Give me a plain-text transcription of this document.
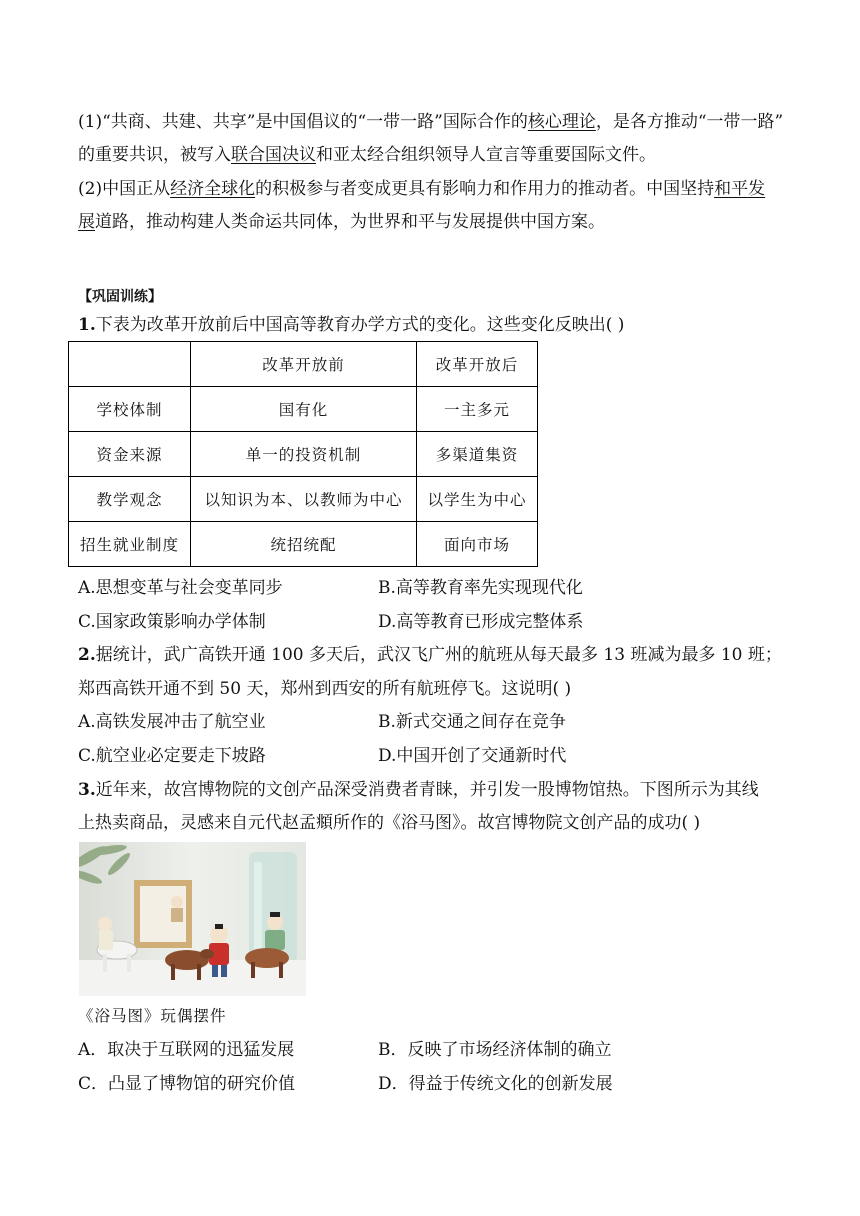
(1)“共商、共建、共享”是中国倡议的“一带一路”国际合作的核心理论，是各方推动“一带一路”
的重要共识，被写入联合国决议和亚太经合组织领导人宣言等重要国际文件。
(2)中国正从经济全球化的积极参与者变成更具有影响力和作用力的推动者。中国坚持和平发
展道路，推动构建人类命运共同体，为世界和平与发展提供中国方案。
【巩固训练】
1.下表为改革开放前后中国高等教育办学方式的变化。这些变化反映出( )
	改革开放前	改革开放后
学校体制	国有化	一主多元
资金来源	单一的投资机制	多渠道集资
教学观念	以知识为本、以教师为中心	以学生为中心
招生就业制度	统招统配	面向市场
A.思想变革与社会变革同步	B.高等教育率先实现现代化
C.国家政策影响办学体制	D.高等教育已形成完整体系
2.据统计，武广高铁开通 100 多天后，武汉飞广州的航班从每天最多 13 班减为最多 10 班；
郑西高铁开通不到 50 天，郑州到西安的所有航班停飞。这说明( )
A.高铁发展冲击了航空业	B.新式交通之间存在竞争
C.航空业必定要走下坡路	D.中国开创了交通新时代
3.近年来，故宫博物院的文创产品深受消费者青睐，并引发一股博物馆热。下图所示为其线
上热卖商品，灵感来自元代赵孟頫所作的《浴马图》。故宫博物院文创产品的成功( )
《浴马图》玩偶摆件
A．取决于互联网的迅猛发展	B．反映了市场经济体制的确立
C．凸显了博物馆的研究价值	D．得益于传统文化的创新发展
